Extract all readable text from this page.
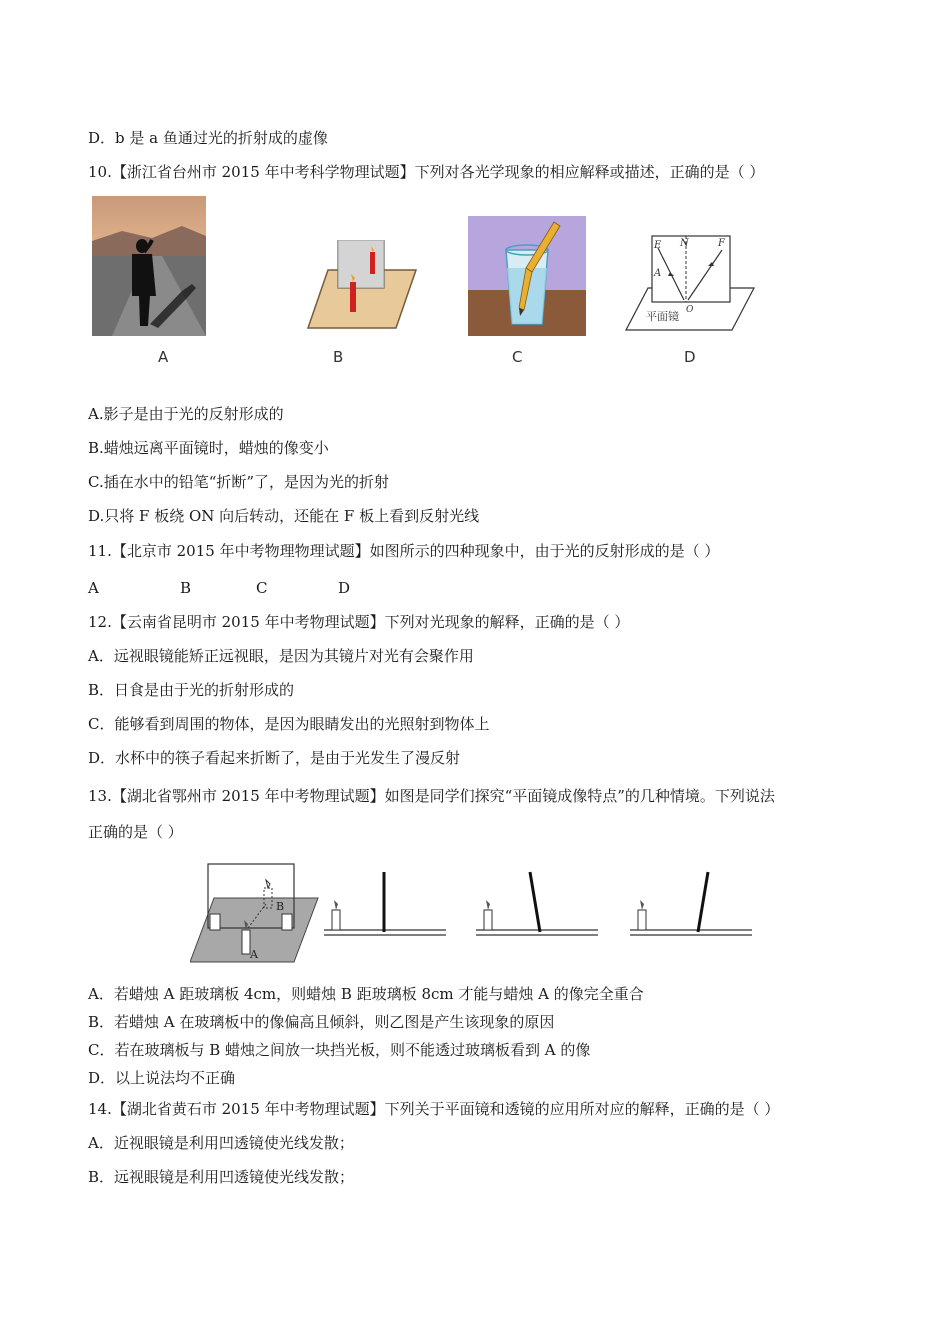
D．b 是 a 鱼通过光的折射成的虚像
10.【浙江省台州市 2015 年中考科学物理试题】下列对各光学现象的相应解释或描述，正确的是（ ）
A	B	C
E N	F
A
O
平面镜
D
A.影子是由于光的反射形成的
B.蜡烛远离平面镜时，蜡烛的像变小
C.插在水中的铅笔“折断”了，是因为光的折射
D.只将 F 板绕 ON 向后转动，还能在 F 板上看到反射光线
11.【北京市 2015 年中考物理物理试题】如图所示的四种现象中，由于光的反射形成的是（ ）
A	B	C	D
12.【云南省昆明市 2015 年中考物理试题】下列对光现象的解释，正确的是（ ）
A．远视眼镜能矫正远视眼，是因为其镜片对光有会聚作用
B．日食是由于光的折射形成的
C．能够看到周围的物体，是因为眼睛发出的光照射到物体上
D．水杯中的筷子看起来折断了，是由于光发生了漫反射
13.【湖北省鄂州市 2015 年中考物理试题】如图是同学们探究“平面镜成像特点”的几种情境。下列说法
正确的是（ ）
B
A
A．若蜡烛 A 距玻璃板 4cm，则蜡烛 B 距玻璃板 8cm 才能与蜡烛 A 的像完全重合
B．若蜡烛 A 在玻璃板中的像偏高且倾斜，则乙图是产生该现象的原因
C．若在玻璃板与 B 蜡烛之间放一块挡光板，则不能透过玻璃板看到 A 的像
D．以上说法均不正确
14.【湖北省黄石市 2015 年中考物理试题】下列关于平面镜和透镜的应用所对应的解释，正确的是（ ）
A．近视眼镜是利用凹透镜使光线发散；
B．远视眼镜是利用凹透镜使光线发散；
